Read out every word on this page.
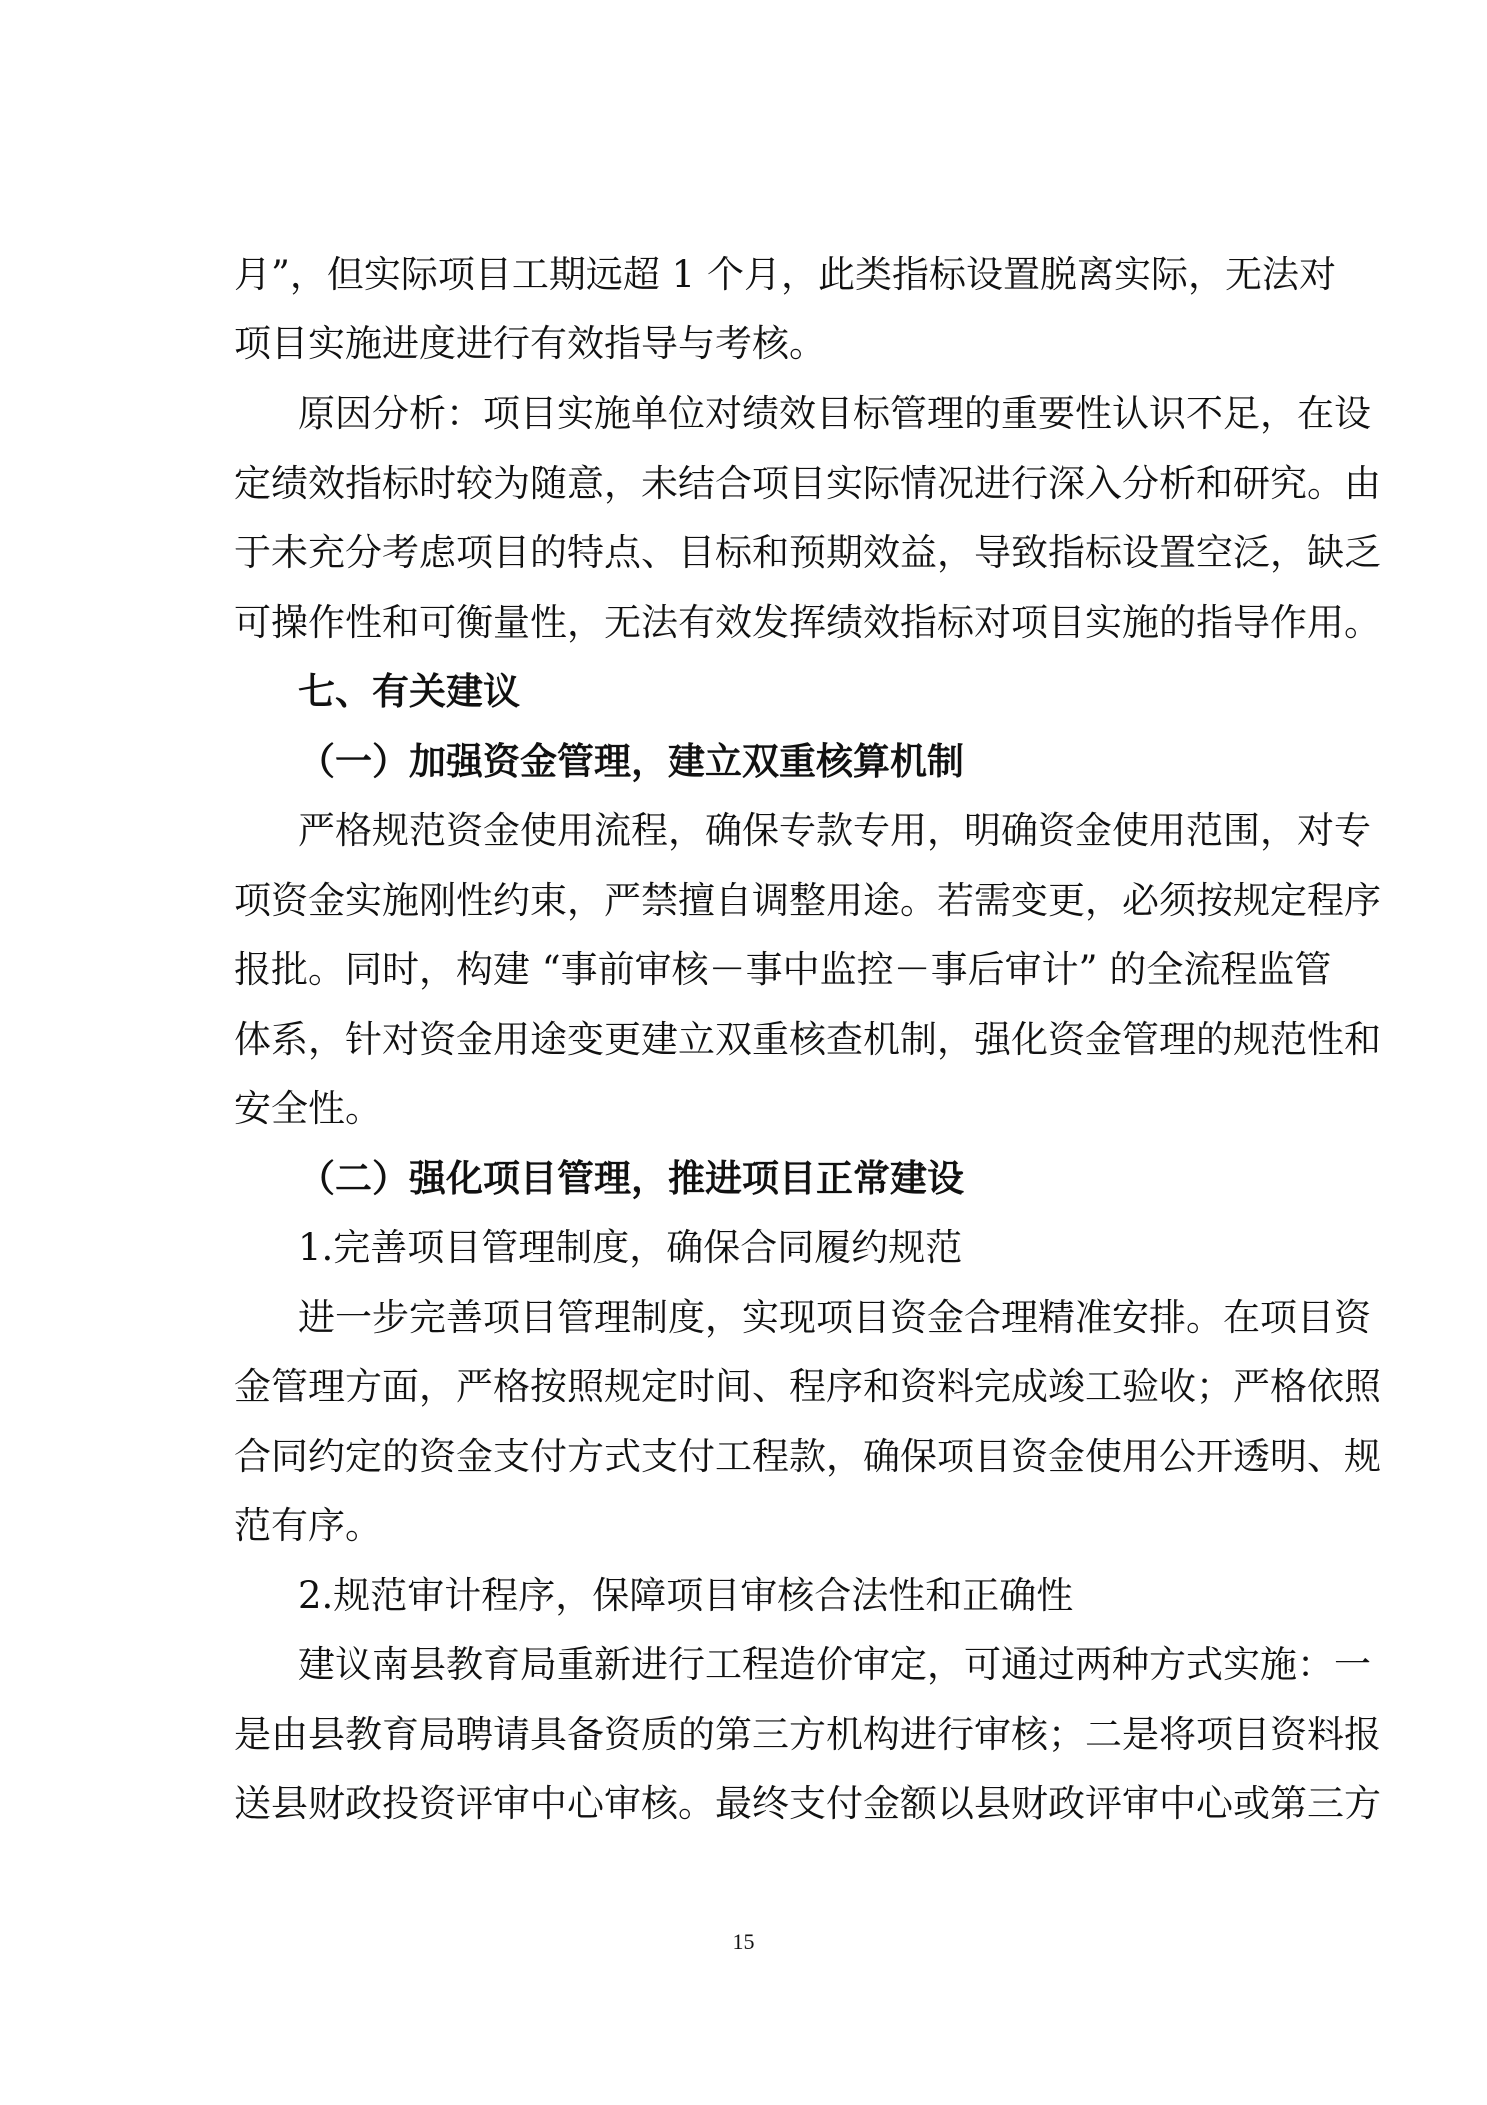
月”，但实际项目工期远超 1 个月，此类指标设置脱离实际，无法对
项目实施进度进行有效指导与考核。
原因分析：项目实施单位对绩效目标管理的重要性认识不足，在设
定绩效指标时较为随意，未结合项目实际情况进行深入分析和研究。由
于未充分考虑项目的特点、目标和预期效益，导致指标设置空泛，缺乏
可操作性和可衡量性，无法有效发挥绩效指标对项目实施的指导作用。
七、有关建议
（一）加强资金管理，建立双重核算机制
严格规范资金使用流程，确保专款专用，明确资金使用范围，对专
项资金实施刚性约束，严禁擅自调整用途。若需变更，必须按规定程序
报批。同时，构建 “事前审核－事中监控－事后审计” 的全流程监管
体系，针对资金用途变更建立双重核查机制，强化资金管理的规范性和
安全性。
（二）强化项目管理，推进项目正常建设
1.完善项目管理制度，确保合同履约规范
进一步完善项目管理制度，实现项目资金合理精准安排。在项目资
金管理方面，严格按照规定时间、程序和资料完成竣工验收；严格依照
合同约定的资金支付方式支付工程款，确保项目资金使用公开透明、规
范有序。
2.规范审计程序，保障项目审核合法性和正确性
建议南县教育局重新进行工程造价审定，可通过两种方式实施：一
是由县教育局聘请具备资质的第三方机构进行审核；二是将项目资料报
送县财政投资评审中心审核。最终支付金额以县财政评审中心或第三方
15
